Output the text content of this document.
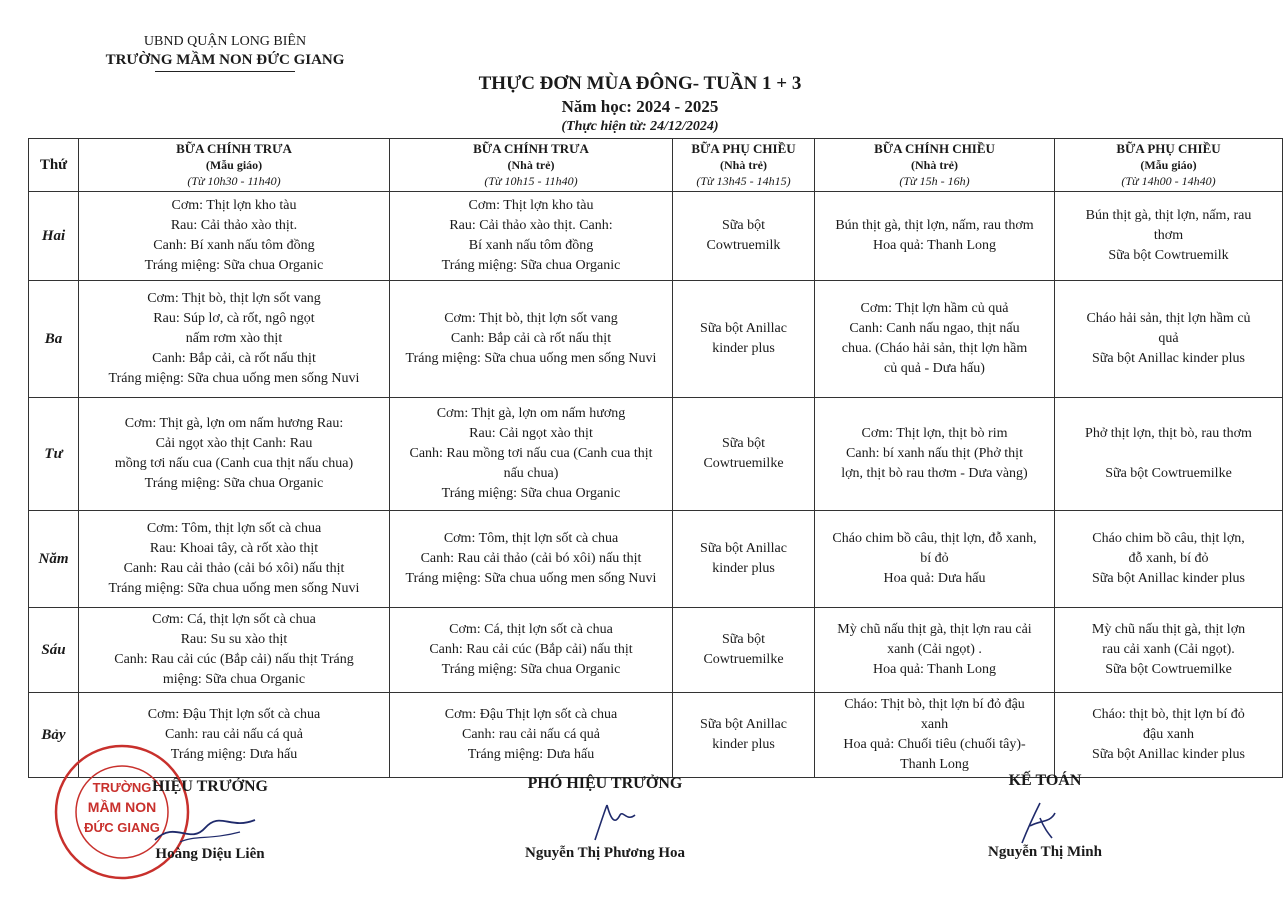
UBND QUẬN LONG BIÊN
TRƯỜNG MẦM NON ĐỨC GIANG
THỰC ĐƠN MÙA ĐÔNG- TUẦN 1 + 3
Năm học: 2024 - 2025
(Thực hiện từ: 24/12/2024)
Thứ	BỮA CHÍNH TRƯA
(Mẫu giáo)
(Từ 10h30 - 11h40)	BỮA CHÍNH TRƯA
(Nhà trẻ)
(Từ 10h15 - 11h40)	BỮA PHỤ CHIỀU
(Nhà trẻ)
(Từ 13h45 - 14h15)	BỮA CHÍNH CHIỀU
(Nhà trẻ)
(Từ 15h - 16h)	BỮA PHỤ CHIỀU
(Mẫu giáo)
(Từ 14h00 - 14h40)

Hai	Cơm: Thịt lợn kho tàu
Rau: Cải thảo xào thịt.
Canh: Bí xanh nấu tôm đồng
Tráng miệng: Sữa chua Organic	Cơm: Thịt lợn kho tàu
Rau: Cải thảo xào thịt. Canh:
Bí xanh nấu tôm đồng
Tráng miệng: Sữa chua Organic	Sữa bột
Cowtruemilk	Bún thịt gà, thịt lợn, nấm, rau thơm
Hoa quả: Thanh Long	Bún thịt gà, thịt lợn, nấm, rau
thơm
Sữa bột Cowtruemilk

Ba	Cơm: Thịt bò, thịt lợn sốt vang
Rau: Súp lơ, cà rốt, ngô ngọt
nấm rơm xào thịt
Canh: Bắp cải, cà rốt nấu thịt
Tráng miệng: Sữa chua uống men sống Nuvi	Cơm: Thịt bò, thịt lợn sốt vang
Canh: Bắp cải cà rốt nấu thịt
Tráng miệng: Sữa chua uống men sống Nuvi	Sữa bột Anillac
kinder plus	Cơm: Thịt lợn hầm củ quả
Canh: Canh nấu ngao, thịt nấu
chua. (Cháo hải sản, thịt lợn hầm
củ quả - Dưa hấu)	Cháo hải sản, thịt lợn hầm củ
quả
Sữa bột Anillac kinder plus

Tư	Cơm: Thịt gà, lợn om nấm hương Rau:
Cải ngọt xào thịt Canh: Rau
mồng tơi nấu cua (Canh cua thịt nấu chua)
Tráng miệng: Sữa chua Organic	Cơm: Thịt gà, lợn om nấm hương
Rau: Cải ngọt xào thịt
Canh: Rau mồng tơi nấu cua (Canh cua thịt
nấu chua)
Tráng miệng: Sữa chua Organic	Sữa bột
Cowtruemilke	Cơm: Thịt lợn, thịt bò rim
Canh: bí xanh nấu thịt (Phở thịt
lợn, thịt bò rau thơm - Dưa vàng)	Phở thịt lợn, thịt bò, rau thơm

Sữa bột Cowtruemilke

Năm	Cơm: Tôm, thịt lợn sốt cà chua
Rau: Khoai tây, cà rốt xào thịt
Canh: Rau cải thảo (cải bó xôi) nấu thịt
Tráng miệng: Sữa chua uống men sống Nuvi	Cơm: Tôm, thịt lợn sốt cà chua
Canh: Rau cải thảo (cải bó xôi) nấu thịt
Tráng miệng: Sữa chua uống men sống Nuvi	Sữa bột Anillac
kinder plus	Cháo chim bồ câu, thịt lợn, đỗ xanh,
bí đỏ
Hoa quả: Dưa hấu	Cháo chim bồ câu, thịt lợn,
đỗ xanh, bí đỏ
Sữa bột Anillac kinder plus

Sáu	Cơm: Cá, thịt lợn sốt cà chua
Rau: Su su xào thịt
Canh: Rau cải cúc (Bắp cải) nấu thịt Tráng
miệng: Sữa chua Organic	Cơm: Cá, thịt lợn sốt cà chua
Canh: Rau cải cúc (Bắp cải) nấu thịt
Tráng miệng: Sữa chua Organic	Sữa bột
Cowtruemilke	Mỳ chũ nấu thịt gà, thịt lợn rau cải
xanh (Cải ngọt) .
Hoa quả: Thanh Long	Mỳ chũ nấu thịt gà, thịt lợn
rau cải xanh (Cải ngọt).
Sữa bột Cowtruemilke

Bảy	Cơm: Đậu Thịt lợn sốt cà chua
Canh: rau cải nấu cá quả
Tráng miệng: Dưa hấu	Cơm: Đậu Thịt lợn sốt cà chua
Canh: rau cải nấu cá quả
Tráng miệng: Dưa hấu	Sữa bột Anillac
kinder plus	Cháo: Thịt bò, thịt lợn bí đỏ đậu
xanh
Hoa quả: Chuối tiêu (chuối tây)-
Thanh Long	Cháo: thịt bò, thịt lợn bí đỏ
đậu xanh
Sữa bột Anillac kinder plus
TRƯỜNG
MẦM NON
ĐỨC GIANG
HIỆU TRƯỞNG
Hoàng Diệu Liên
PHÓ HIỆU TRƯỞNG
Nguyễn Thị Phương Hoa
KẾ TOÁN
Nguyễn Thị Minh
